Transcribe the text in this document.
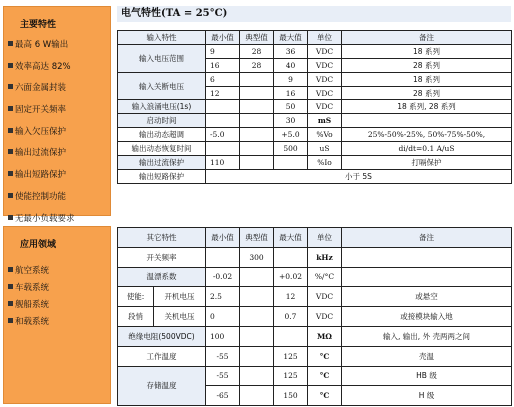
主要特性
最高 6 W输出
效率高达 82%
六面金属封装
固定开关频率
输入欠压保护
输出过流保护
输出短路保护
使能控制功能
无最小负载要求
应用领域
航空系统
车载系统
舰船系统
和载系统
电气特性(TA = 25°C)
输入特性	最小值	典型值	最大值	单位	备注
输入电压范围	9	28	36	VDC	18 系列
	16	28	40	VDC	28 系列
输入关断电压	6		9	VDC	18 系列
	12		16	VDC	28 系列
输入浪涌电压(1s)			50	VDC	18 系列, 28 系列
启动时间			30	mS	
输出动态超调	-5.0		+5.0	%Vo	25%-50%-25%, 50%-75%-50%,
输出动态恢复时间			500	uS	di/dt=0.1 A/uS
输出过流保护	110			%Io	打嗝保护
输出短路保护	小于 5S				
其它特性		最小值	典型值	最大值	单位	备注
开关频率			300		kHz	
温漂系数		-0.02		+0.02	%/°C	
使能:	开机电压	2.5		12	VDC	或悬空
段悄	关机电压	0		0.7	VDC	或接模块输入地
绝缘电阻(500VDC)		100			MΩ	输入, 输出, 外 壳两两之间
工作温度		-55		125	°C	壳温
存储温度		-55		125	°C	HB 级
		-65		150	°C	H 级
